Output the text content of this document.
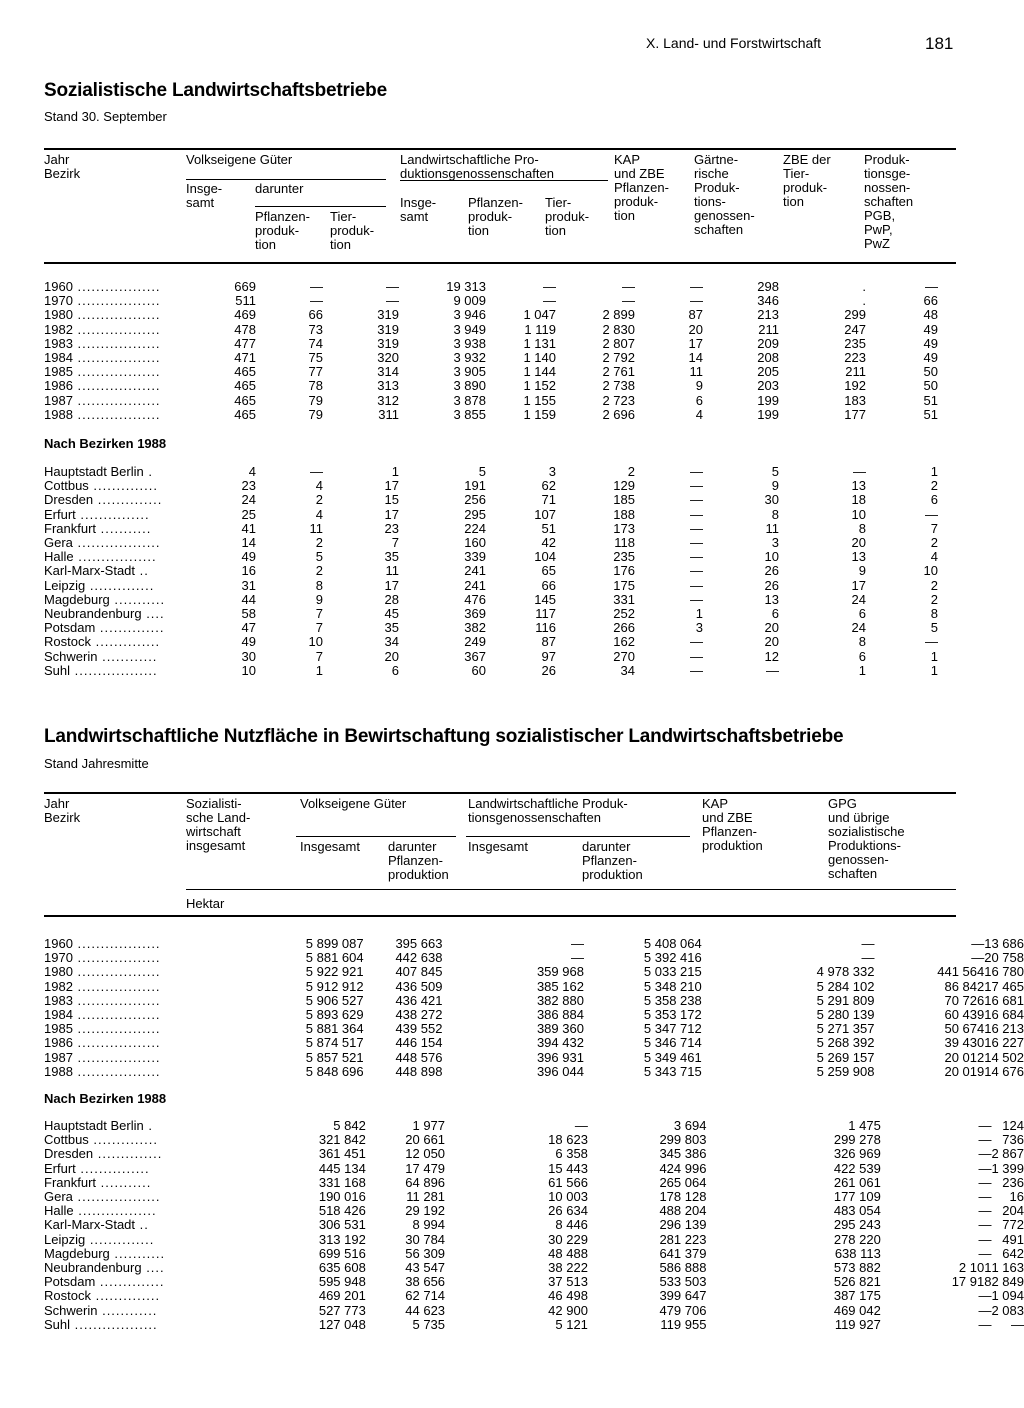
X. Land- und Forstwirtschaft	181
Sozialistische Landwirtschaftsbetriebe
Stand 30. September
Jahr
Bezirk
Volkseigene Güter
Insge-
samt
darunter
Pflanzen-
produk-
tion
Tier-
produk-
tion
Landwirtschaftliche Pro-
duktionsgenossenschaften
Insge-
samt
Pflanzen-
produk-
tion
Tier-
produk-
tion
KAP
und ZBE
Pflanzen-
produk-
tion
Gärtne-
rische
Produk-
tions-
genossen-
schaften
ZBE der
Tier-
produk-
tion
Produk-
tionsge-
nossen-
schaften
PGB,
PwP,
PwZ
1960 ..................	669	—	—	19 313	—	—	—	298	.	—
1970 ..................	511	—	—	9 009	—	—	—	346	.	66
1980 ..................	469	66	319	3 946	1 047	2 899	87	213	299	48
1982 ..................	478	73	319	3 949	1 119	2 830	20	211	247	49
1983 ..................	477	74	319	3 938	1 131	2 807	17	209	235	49
1984 ..................	471	75	320	3 932	1 140	2 792	14	208	223	49
1985 ..................	465	77	314	3 905	1 144	2 761	11	205	211	50
1986 ..................	465	78	313	3 890	1 152	2 738	9	203	192	50
1987 ..................	465	79	312	3 878	1 155	2 723	6	199	183	51
1988 ..................	465	79	311	3 855	1 159	2 696	4	199	177	51
Nach Bezirken 1988
Hauptstadt Berlin .	4	—	1	5	3	2	—	5	—	1
Cottbus ..............	23	4	17	191	62	129	—	9	13	2
Dresden ..............	24	2	15	256	71	185	—	30	18	6
Erfurt ...............	25	4	17	295	107	188	—	8	10	—
Frankfurt ...........	41	11	23	224	51	173	—	11	8	7
Gera ..................	14	2	7	160	42	118	—	3	20	2
Halle .................	49	5	35	339	104	235	—	10	13	4
Karl-Marx-Stadt ..	16	2	11	241	65	176	—	26	9	10
Leipzig ..............	31	8	17	241	66	175	—	26	17	2
Magdeburg ...........	44	9	28	476	145	331	—	13	24	2
Neubrandenburg ....	58	7	45	369	117	252	1	6	6	8
Potsdam ..............	47	7	35	382	116	266	3	20	24	5
Rostock ..............	49	10	34	249	87	162	—	20	8	—
Schwerin ............	30	7	20	367	97	270	—	12	6	1
Suhl ..................	10	1	6	60	26	34	—	—	1	1
Landwirtschaftliche Nutzfläche in Bewirtschaftung sozialistischer Landwirtschaftsbetriebe
Stand Jahresmitte
Jahr
Bezirk
Sozialisti-
sche Land-
wirtschaft
insgesamt
Volkseigene Güter
Insgesamt darunter
Pflanzen-
produktion
Landwirtschaftliche Produk-
tionsgenossenschaften
Insgesamt	darunter
Pflanzen-
produktion
KAP
und ZBE
Pflanzen-
produktion
GPG
und übrige
sozialistische
Produktions-
genossen-
schaften
Hektar
1960 ..................	5 899 087	395 663	—	5 408 064	—	—	13 686
1970 ..................	5 881 604	442 638	—	5 392 416	—	—	20 758
1980 ..................	5 922 921	407 845	359 968	5 033 215	4 978 332	441 564	16 780
1982 ..................	5 912 912	436 509	385 162	5 348 210	5 284 102	86 842	17 465
1983 ..................	5 906 527	436 421	382 880	5 358 238	5 291 809	70 726	16 681
1984 ..................	5 893 629	438 272	386 884	5 353 172	5 280 139	60 439	16 684
1985 ..................	5 881 364	439 552	389 360	5 347 712	5 271 357	50 674	16 213
1986 ..................	5 874 517	446 154	394 432	5 346 714	5 268 392	39 430	16 227
1987 ..................	5 857 521	448 576	396 931	5 349 461	5 269 157	20 012	14 502
1988 ..................	5 848 696	448 898	396 044	5 343 715	5 259 908	20 019	14 676
Nach Bezirken 1988
Hauptstadt Berlin .	5 842	1 977	—	3 694	1 475	—	124
Cottbus ..............	321 842	20 661	18 623	299 803	299 278	—	736
Dresden ..............	361 451	12 050	6 358	345 386	326 969	—	2 867
Erfurt ...............	445 134	17 479	15 443	424 996	422 539	—	1 399
Frankfurt ...........	331 168	64 896	61 566	265 064	261 061	—	236
Gera ..................	190 016	11 281	10 003	178 128	177 109	—	16
Halle .................	518 426	29 192	26 634	488 204	483 054	—	204
Karl-Marx-Stadt ..	306 531	8 994	8 446	296 139	295 243	—	772
Leipzig ..............	313 192	30 784	30 229	281 223	278 220	—	491
Magdeburg ...........	699 516	56 309	48 488	641 379	638 113	—	642
Neubrandenburg ....	635 608	43 547	38 222	586 888	573 882	2 101	1 163
Potsdam ..............	595 948	38 656	37 513	533 503	526 821	17 918	2 849
Rostock ..............	469 201	62 714	46 498	399 647	387 175	—	1 094
Schwerin ............	527 773	44 623	42 900	479 706	469 042	—	2 083
Suhl ..................	127 048	5 735	5 121	119 955	119 927	—	—
